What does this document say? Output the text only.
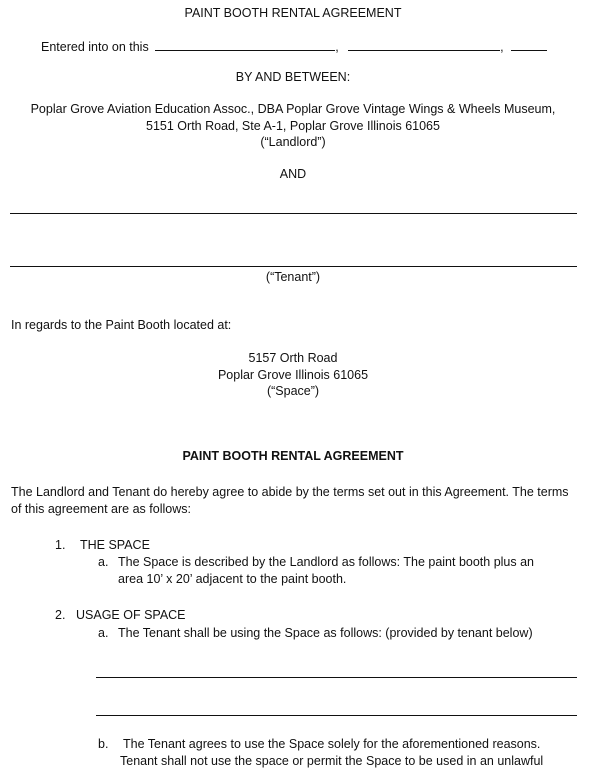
PAINT BOOTH RENTAL AGREEMENT
Entered into on this	,	,
BY AND BETWEEN:
Poplar Grove Aviation Education Assoc., DBA Poplar Grove Vintage Wings & Wheels Museum,
5151 Orth Road, Ste A-1, Poplar Grove Illinois 61065
(“Landlord”)
AND
(“Tenant”)
In regards to the Paint Booth located at:
5157 Orth Road
Poplar Grove Illinois 61065
(“Space”)
PAINT BOOTH RENTAL AGREEMENT

The Landlord and Tenant do hereby agree to abide by the terms set out in this Agreement. The terms of this agreement are as follows:

1. THE SPACE
a. The Space is described by the Landlord as follows: The paint booth plus an
area 10’ x 20’ adjacent to the paint booth.
2. USAGE OF SPACE
a. The Tenant shall be using the Space as follows: (provided by tenant below)
b. The Tenant agrees to use the Space solely for the aforementioned reasons.
Tenant shall not use the space or permit the Space to be used in an unlawful
